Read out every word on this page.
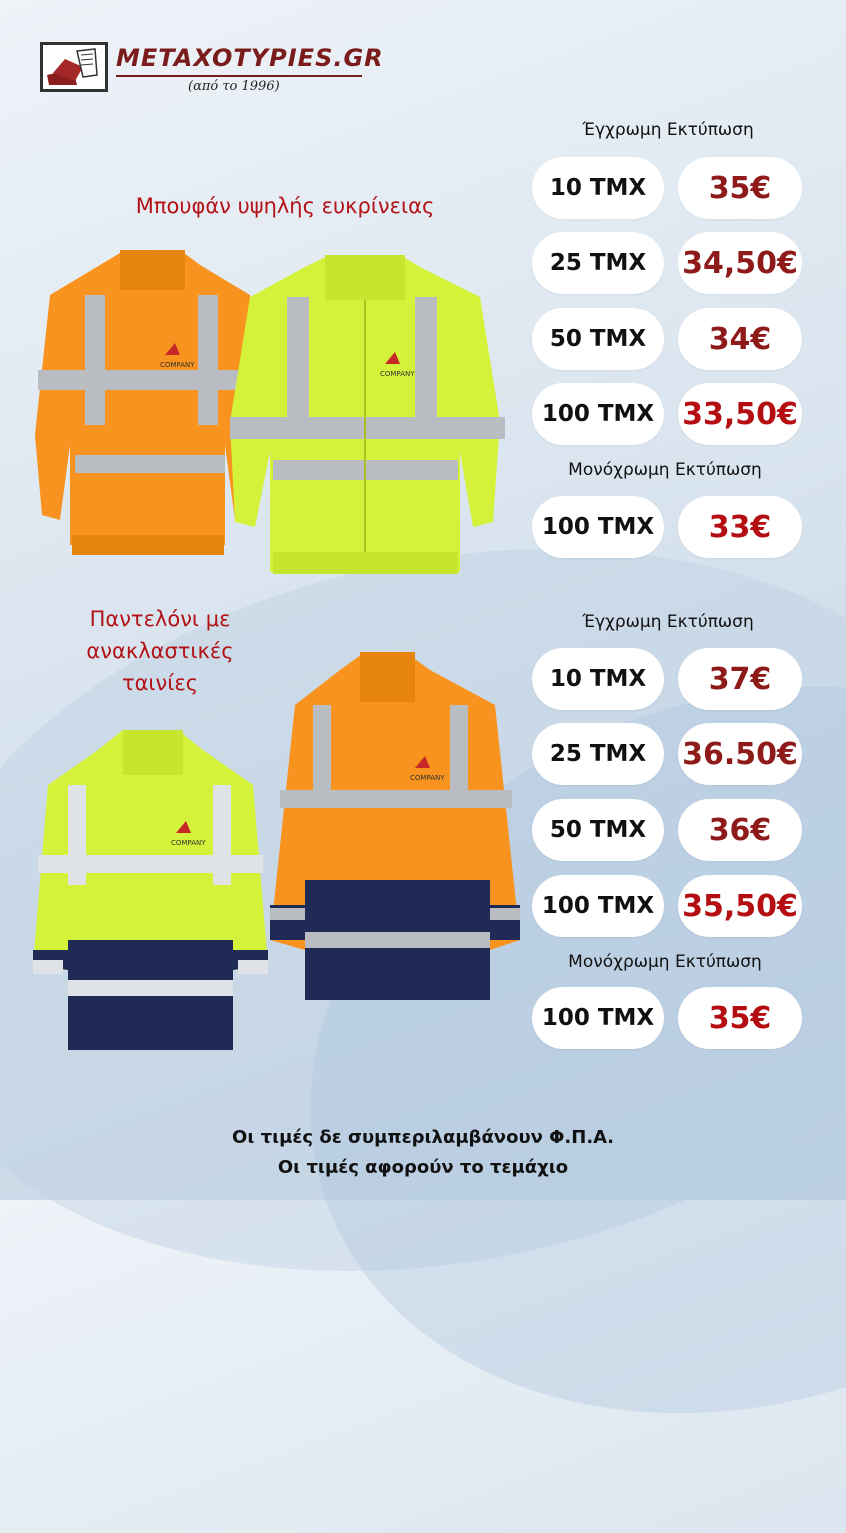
METAXOTYPIES.GR
(από το 1996)
Μπουφάν υψηλής ευκρίνειας
COMPANY
COMPANY
Έγχρωμη Εκτύπωση
10 ΤΜΧ	35€
25 ΤΜΧ	34,50€
50 ΤΜΧ	34€
100 ΤΜΧ 33,50€
Μονόχρωμη Εκτύπωση
100 ΤΜΧ	33€
Παντελόνι με
ανακλαστικές
ταινίες
COMPANY
COMPANY
Έγχρωμη Εκτύπωση
10 ΤΜΧ	37€
25 ΤΜΧ	36.50€
50 ΤΜΧ	36€
100 ΤΜΧ 35,50€
Μονόχρωμη Εκτύπωση
100 ΤΜΧ	35€
Οι τιμές δε συμπεριλαμβάνουν Φ.Π.Α.
Οι τιμές αφορούν το τεμάχιο
